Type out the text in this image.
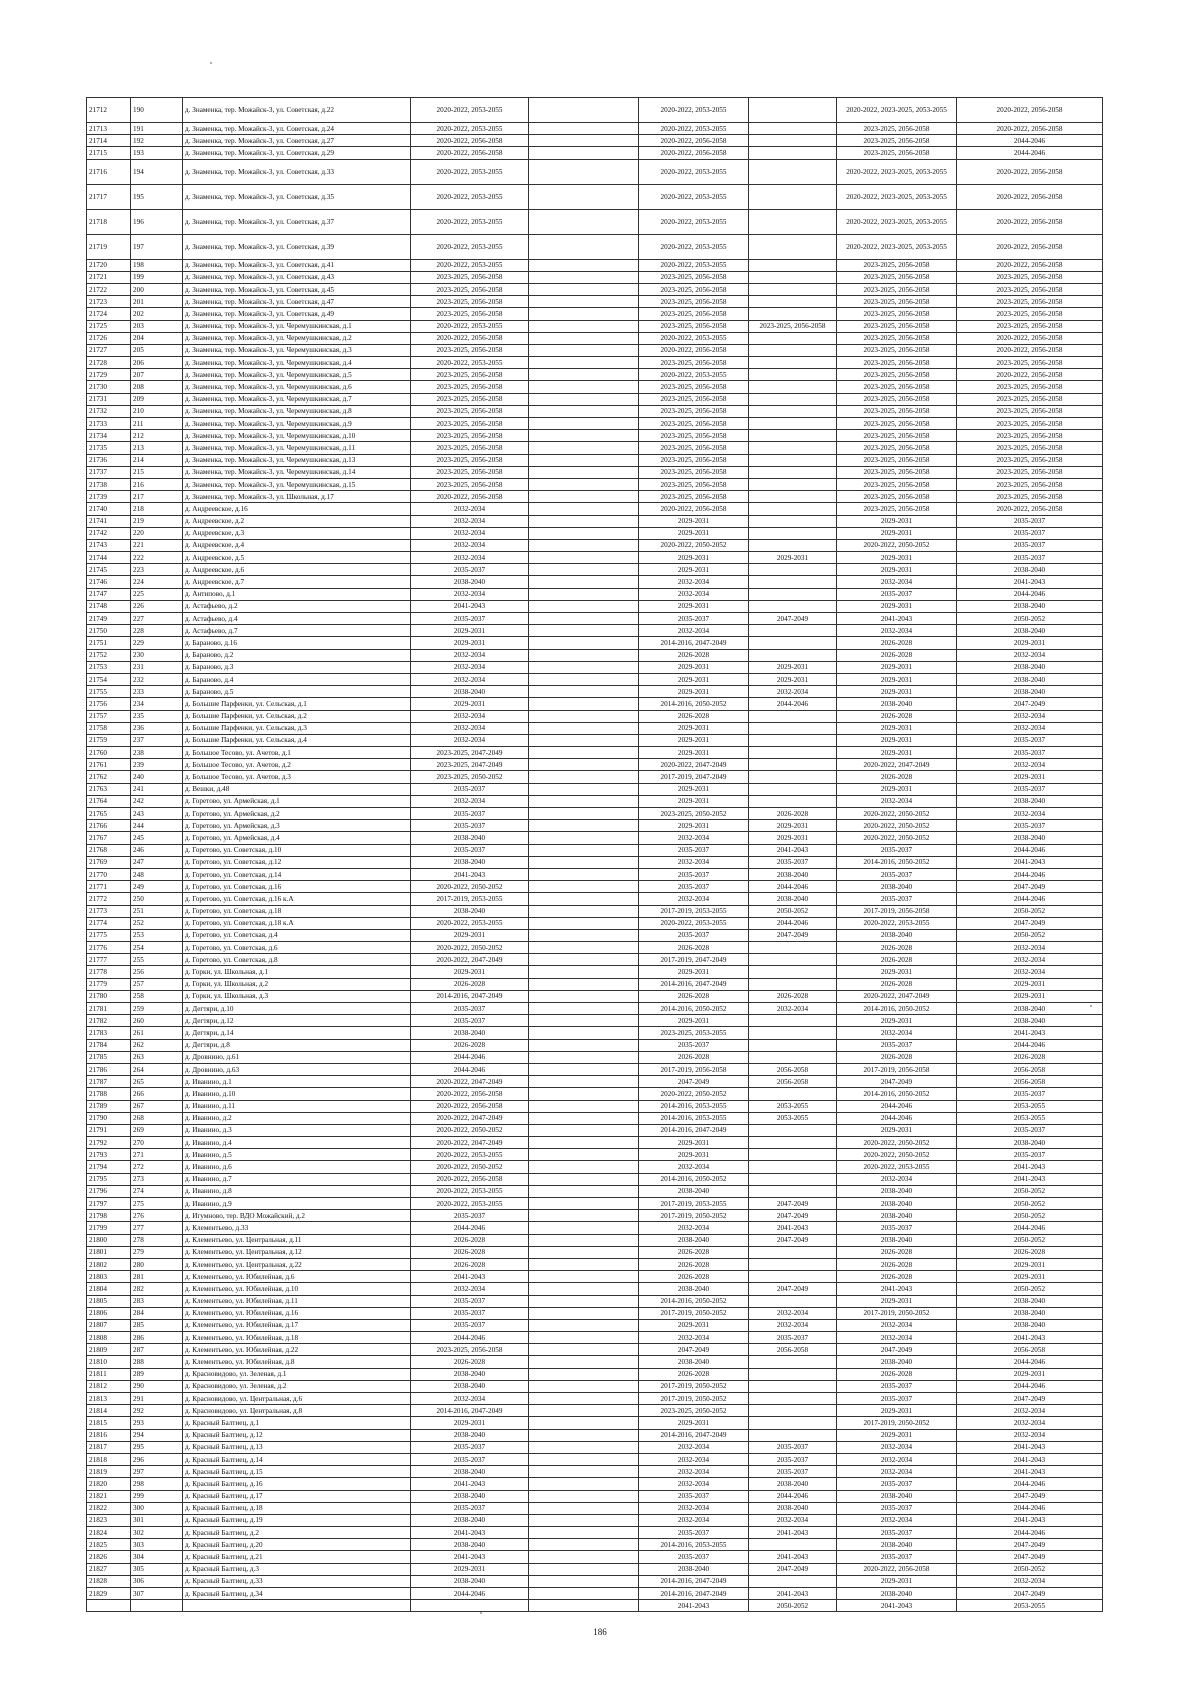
21712	190	д. Знаменка, тер. Можайск-3, ул. Советская, д.22	2020-2022, 2053-2055		2020-2022, 2053-2055		2020-2022, 2023-2025, 2053-2055	2020-2022, 2056-2058
21713	191	д. Знаменка, тер. Можайск-3, ул. Советская, д.24	2020-2022, 2053-2055		2020-2022, 2053-2055		2023-2025, 2056-2058	2020-2022, 2056-2058
21714	192	д. Знаменка, тер. Можайск-3, ул. Советская, д.27	2020-2022, 2056-2058		2020-2022, 2056-2058		2023-2025, 2056-2058	2044-2046
21715	193	д. Знаменка, тер. Можайск-3, ул. Советская, д.29	2020-2022, 2056-2058		2020-2022, 2056-2058		2023-2025, 2056-2058	2044-2046
21716	194	д. Знаменка, тер. Можайск-3, ул. Советская, д.33	2020-2022, 2053-2055		2020-2022, 2053-2055		2020-2022, 2023-2025, 2053-2055	2020-2022, 2056-2058
21717	195	д. Знаменка, тер. Можайск-3, ул. Советская, д.35	2020-2022, 2053-2055		2020-2022, 2053-2055		2020-2022, 2023-2025, 2053-2055	2020-2022, 2056-2058
21718	196	д. Знаменка, тер. Можайск-3, ул. Советская, д.37	2020-2022, 2053-2055		2020-2022, 2053-2055		2020-2022, 2023-2025, 2053-2055	2020-2022, 2056-2058
21719	197	д. Знаменка, тер. Можайск-3, ул. Советская, д.39	2020-2022, 2053-2055		2020-2022, 2053-2055		2020-2022, 2023-2025, 2053-2055	2020-2022, 2056-2058
21720	198	д. Знаменка, тер. Можайск-3, ул. Советская, д.41	2020-2022, 2053-2055		2020-2022, 2053-2055		2023-2025, 2056-2058	2020-2022, 2056-2058
21721	199	д. Знаменка, тер. Можайск-3, ул. Советская, д.43	2023-2025, 2056-2058		2023-2025, 2056-2058		2023-2025, 2056-2058	2023-2025, 2056-2058
21722	200	д. Знаменка, тер. Можайск-3, ул. Советская, д.45	2023-2025, 2056-2058		2023-2025, 2056-2058		2023-2025, 2056-2058	2023-2025, 2056-2058
21723	201	д. Знаменка, тер. Можайск-3, ул. Советская, д.47	2023-2025, 2056-2058		2023-2025, 2056-2058		2023-2025, 2056-2058	2023-2025, 2056-2058
21724	202	д. Знаменка, тер. Можайск-3, ул. Советская, д.49	2023-2025, 2056-2058		2023-2025, 2056-2058		2023-2025, 2056-2058	2023-2025, 2056-2058
21725	203	д. Знаменка, тер. Можайск-3, ул. Черемушкинская, д.1	2020-2022, 2053-2055		2023-2025, 2056-2058	2023-2025, 2056-2058	2023-2025, 2056-2058	2023-2025, 2056-2058
21726	204	д. Знаменка, тер. Можайск-3, ул. Черемушкинская, д.2	2020-2022, 2056-2058		2020-2022, 2053-2055		2023-2025, 2056-2058	2020-2022, 2056-2058
21727	205	д. Знаменка, тер. Можайск-3, ул. Черемушкинская, д.3	2023-2025, 2056-2058		2020-2022, 2056-2058		2023-2025, 2056-2058	2020-2022, 2056-2058
21728	206	д. Знаменка, тер. Можайск-3, ул. Черемушкинская, д.4	2020-2022, 2053-2055		2023-2025, 2056-2058		2023-2025, 2056-2058	2023-2025, 2056-2058
21729	207	д. Знаменка, тер. Можайск-3, ул. Черемушкинская, д.5	2023-2025, 2056-2058		2020-2022, 2053-2055		2023-2025, 2056-2058	2020-2022, 2056-2058
21730	208	д. Знаменка, тер. Можайск-3, ул. Черемушкинская, д.6	2023-2025, 2056-2058		2023-2025, 2056-2058		2023-2025, 2056-2058	2023-2025, 2056-2058
21731	209	д. Знаменка, тер. Можайск-3, ул. Черемушкинская, д.7	2023-2025, 2056-2058		2023-2025, 2056-2058		2023-2025, 2056-2058	2023-2025, 2056-2058
21732	210	д. Знаменка, тер. Можайск-3, ул. Черемушкинская, д.8	2023-2025, 2056-2058		2023-2025, 2056-2058		2023-2025, 2056-2058	2023-2025, 2056-2058
21733	211	д. Знаменка, тер. Можайск-3, ул. Черемушкинская, д.9	2023-2025, 2056-2058		2023-2025, 2056-2058		2023-2025, 2056-2058	2023-2025, 2056-2058
21734	212	д. Знаменка, тер. Можайск-3, ул. Черемушкинская, д.10	2023-2025, 2056-2058		2023-2025, 2056-2058		2023-2025, 2056-2058	2023-2025, 2056-2058
21735	213	д. Знаменка, тер. Можайск-3, ул. Черемушкинская, д.11	2023-2025, 2056-2058		2023-2025, 2056-2058		2023-2025, 2056-2058	2023-2025, 2056-2058
21736	214	д. Знаменка, тер. Можайск-3, ул. Черемушкинская, д.13	2023-2025, 2056-2058		2023-2025, 2056-2058		2023-2025, 2056-2058	2023-2025, 2056-2058
21737	215	д. Знаменка, тер. Можайск-3, ул. Черемушкинская, д.14	2023-2025, 2056-2058		2023-2025, 2056-2058		2023-2025, 2056-2058	2023-2025, 2056-2058
21738	216	д. Знаменка, тер. Можайск-3, ул. Черемушкинская, д.15	2023-2025, 2056-2058		2023-2025, 2056-2058		2023-2025, 2056-2058	2023-2025, 2056-2058
21739	217	д. Знаменка, тер. Можайск-3, ул. Школьная, д.17	2020-2022, 2056-2058		2023-2025, 2056-2058		2023-2025, 2056-2058	2023-2025, 2056-2058
21740	218	д. Андреевское, д.16	2032-2034		2020-2022, 2056-2058		2023-2025, 2056-2058	2020-2022, 2056-2058
21741	219	д. Андреевское, д.2	2032-2034		2029-2031		2029-2031	2035-2037
21742	220	д. Андреевское, д.3	2032-2034		2029-2031		2029-2031	2035-2037
21743	221	д. Андреевское, д.4	2032-2034		2020-2022, 2050-2052		2020-2022, 2050-2052	2035-2037
21744	222	д. Андреевское, д.5	2032-2034		2029-2031	2029-2031	2029-2031	2035-2037
21745	223	д. Андреевское, д.6	2035-2037		2029-2031		2029-2031	2038-2040
21746	224	д. Андреевское, д.7	2038-2040		2032-2034		2032-2034	2041-2043
21747	225	д. Антипово, д.1	2032-2034		2032-2034		2035-2037	2044-2046
21748	226	д. Астафьево, д.2	2041-2043		2029-2031		2029-2031	2038-2040
21749	227	д. Астафьево, д.4	2035-2037		2035-2037	2047-2049	2041-2043	2050-2052
21750	228	д. Астафьево, д.7	2029-2031		2032-2034		2032-2034	2038-2040
21751	229	д. Бараново, д.16	2029-2031		2014-2016, 2047-2049		2026-2028	2029-2031
21752	230	д. Бараново, д.2	2032-2034		2026-2028		2026-2028	2032-2034
21753	231	д. Бараново, д.3	2032-2034		2029-2031	2029-2031	2029-2031	2038-2040
21754	232	д. Бараново, д.4	2032-2034		2029-2031	2029-2031	2029-2031	2038-2040
21755	233	д. Бараново, д.5	2038-2040		2029-2031	2032-2034	2029-2031	2038-2040
21756	234	д. Большие Парфенки, ул. Сельская, д.1	2029-2031		2014-2016, 2050-2052	2044-2046	2038-2040	2047-2049
21757	235	д. Большие Парфенки, ул. Сельская, д.2	2032-2034		2026-2028		2026-2028	2032-2034
21758	236	д. Большие Парфенки, ул. Сельская, д.3	2032-2034		2029-2031		2029-2031	2032-2034
21759	237	д. Большие Парфенки, ул. Сельская, д.4	2032-2034		2029-2031		2029-2031	2035-2037
21760	238	д. Большое Тесово, ул. Ачетов, д.1	2023-2025, 2047-2049		2029-2031		2029-2031	2035-2037
21761	239	д. Большое Тесово, ул. Ачетов, д.2	2023-2025, 2047-2049		2020-2022, 2047-2049		2020-2022, 2047-2049	2032-2034
21762	240	д. Большое Тесово, ул. Ачетов, д.3	2023-2025, 2050-2052		2017-2019, 2047-2049		2026-2028	2029-2031
21763	241	д. Вешки, д.48	2035-2037		2029-2031		2029-2031	2035-2037
21764	242	д. Горетово, ул. Армейская, д.1	2032-2034		2029-2031		2032-2034	2038-2040
21765	243	д. Горетово, ул. Армейская, д.2	2035-2037		2023-2025, 2050-2052	2026-2028	2020-2022, 2050-2052	2032-2034
21766	244	д. Горетово, ул. Армейская, д.3	2035-2037		2029-2031	2029-2031	2020-2022, 2050-2052	2035-2037
21767	245	д. Горетово, ул. Армейская, д.4	2038-2040		2032-2034	2029-2031	2020-2022, 2050-2052	2038-2040
21768	246	д. Горетово, ул. Советская, д.10	2035-2037		2035-2037	2041-2043	2035-2037	2044-2046
21769	247	д. Горетово, ул. Советская, д.12	2038-2040		2032-2034	2035-2037	2014-2016, 2050-2052	2041-2043
21770	248	д. Горетово, ул. Советская, д.14	2041-2043		2035-2037	2038-2040	2035-2037	2044-2046
21771	249	д. Горетово, ул. Советская, д.16	2020-2022, 2050-2052		2035-2037	2044-2046	2038-2040	2047-2049
21772	250	д. Горетово, ул. Советская, д.16 к.А	2017-2019, 2053-2055		2032-2034	2038-2040	2035-2037	2044-2046
21773	251	д. Горетово, ул. Советская, д.18	2038-2040		2017-2019, 2053-2055	2050-2052	2017-2019, 2056-2058	2050-2052
21774	252	д. Горетово, ул. Советская, д.18 к.А	2020-2022, 2053-2055		2020-2022, 2053-2055	2044-2046	2020-2022, 2053-2055	2047-2049
21775	253	д. Горетово, ул. Советская, д.4	2029-2031		2035-2037	2047-2049	2038-2040	2050-2052
21776	254	д. Горетово, ул. Советская, д.6	2020-2022, 2050-2052		2026-2028		2026-2028	2032-2034
21777	255	д. Горетово, ул. Советская, д.8	2020-2022, 2047-2049		2017-2019, 2047-2049		2026-2028	2032-2034
21778	256	д. Горки, ул. Школьная, д.1	2029-2031		2029-2031		2029-2031	2032-2034
21779	257	д. Горки, ул. Школьная, д.2	2026-2028		2014-2016, 2047-2049		2026-2028	2029-2031
21780	258	д. Горки, ул. Школьная, д.3	2014-2016, 2047-2049		2026-2028	2026-2028	2020-2022, 2047-2049	2029-2031
21781	259	д. Дегтяри, д.10	2035-2037		2014-2016, 2050-2052	2032-2034	2014-2016, 2050-2052	2038-2040
21782	260	д. Дегтяри, д.12	2035-2037		2029-2031		2029-2031	2038-2040
21783	261	д. Дегтяри, д.14	2038-2040		2023-2025, 2053-2055		2032-2034	2041-2043
21784	262	д. Дегтяри, д.8	2026-2028		2035-2037		2035-2037	2044-2046
21785	263	д. Дровнино, д.61	2044-2046		2026-2028		2026-2028	2026-2028
21786	264	д. Дровнино, д.63	2044-2046		2017-2019, 2056-2058	2056-2058	2017-2019, 2056-2058	2056-2058
21787	265	д. Иванино, д.1	2020-2022, 2047-2049		2047-2049	2056-2058	2047-2049	2056-2058
21788	266	д. Иванино, д.10	2020-2022, 2056-2058		2020-2022, 2050-2052		2014-2016, 2050-2052	2035-2037
21789	267	д. Иванино, д.11	2020-2022, 2056-2058		2014-2016, 2053-2055	2053-2055	2044-2046	2053-2055
21790	268	д. Иванино, д.2	2020-2022, 2047-2049		2014-2016, 2053-2055	2053-2055	2044-2046	2053-2055
21791	269	д. Иванино, д.3	2020-2022, 2050-2052		2014-2016, 2047-2049		2029-2031	2035-2037
21792	270	д. Иванино, д.4	2020-2022, 2047-2049		2029-2031		2020-2022, 2050-2052	2038-2040
21793	271	д. Иванино, д.5	2020-2022, 2053-2055		2029-2031		2020-2022, 2050-2052	2035-2037
21794	272	д. Иванино, д.6	2020-2022, 2050-2052		2032-2034		2020-2022, 2053-2055	2041-2043
21795	273	д. Иванино, д.7	2020-2022, 2056-2058		2014-2016, 2050-2052		2032-2034	2041-2043
21796	274	д. Иванино, д.8	2020-2022, 2053-2055		2038-2040		2038-2040	2050-2052
21797	275	д. Иванино, д.9	2020-2022, 2053-2055		2017-2019, 2053-2055	2047-2049	2038-2040	2050-2052
21798	276	д. Игумново, тер. ВДО Можайский, д.2	2035-2037		2017-2019, 2050-2052	2047-2049	2038-2040	2050-2052
21799	277	д. Клементьево, д.33	2044-2046		2032-2034	2041-2043	2035-2037	2044-2046
21800	278	д. Клементьево, ул. Центральная, д.11	2026-2028		2038-2040	2047-2049	2038-2040	2050-2052
21801	279	д. Клементьево, ул. Центральная, д.12	2026-2028		2026-2028		2026-2028	2026-2028
21802	280	д. Клементьево, ул. Центральная, д.22	2026-2028		2026-2028		2026-2028	2029-2031
21803	281	д. Клементьево, ул. Юбилейная, д.6	2041-2043		2026-2028		2026-2028	2029-2031
21804	282	д. Клементьево, ул. Юбилейная, д.10	2032-2034		2038-2040	2047-2049	2041-2043	2050-2052
21805	283	д. Клементьево, ул. Юбилейная, д.11	2035-2037		2014-2016, 2050-2052		2029-2031	2038-2040
21806	284	д. Клементьево, ул. Юбилейная, д.16	2035-2037		2017-2019, 2050-2052	2032-2034	2017-2019, 2050-2052	2038-2040
21807	285	д. Клементьево, ул. Юбилейная, д.17	2035-2037		2029-2031	2032-2034	2032-2034	2038-2040
21808	286	д. Клементьево, ул. Юбилейная, д.18	2044-2046		2032-2034	2035-2037	2032-2034	2041-2043
21809	287	д. Клементьево, ул. Юбилейная, д.22	2023-2025, 2056-2058		2047-2049	2056-2058	2047-2049	2056-2058
21810	288	д. Клементьево, ул. Юбилейная, д.8	2026-2028		2038-2040		2038-2040	2044-2046
21811	289	д. Красновидово, ул. Зеленая, д.1	2038-2040		2026-2028		2026-2028	2029-2031
21812	290	д. Красновидово, ул. Зеленая, д.2	2038-2040		2017-2019, 2050-2052		2035-2037	2044-2046
21813	291	д. Красновидово, ул. Центральная, д.6	2032-2034		2017-2019, 2050-2052		2035-2037	2047-2049
21814	292	д. Красновидово, ул. Центральная, д.8	2014-2016, 2047-2049		2023-2025, 2050-2052		2029-2031	2032-2034
21815	293	д. Красный Балтиец, д.1	2029-2031		2029-2031		2017-2019, 2050-2052	2032-2034
21816	294	д. Красный Балтиец, д.12	2038-2040		2014-2016, 2047-2049		2029-2031	2032-2034
21817	295	д. Красный Балтиец, д.13	2035-2037		2032-2034	2035-2037	2032-2034	2041-2043
21818	296	д. Красный Балтиец, д.14	2035-2037		2032-2034	2035-2037	2032-2034	2041-2043
21819	297	д. Красный Балтиец, д.15	2038-2040		2032-2034	2035-2037	2032-2034	2041-2043
21820	298	д. Красный Балтиец, д.16	2041-2043		2032-2034	2038-2040	2035-2037	2044-2046
21821	299	д. Красный Балтиец, д.17	2038-2040		2035-2037	2044-2046	2038-2040	2047-2049
21822	300	д. Красный Балтиец, д.18	2035-2037		2032-2034	2038-2040	2035-2037	2044-2046
21823	301	д. Красный Балтиец, д.19	2038-2040		2032-2034	2032-2034	2032-2034	2041-2043
21824	302	д. Красный Балтиец, д.2	2041-2043		2035-2037	2041-2043	2035-2037	2044-2046
21825	303	д. Красный Балтиец, д.20	2038-2040		2014-2016, 2053-2055		2038-2040	2047-2049
21826	304	д. Красный Балтиец, д.21	2041-2043		2035-2037	2041-2043	2035-2037	2047-2049
21827	305	д. Красный Балтиец, д.3	2029-2031		2038-2040	2047-2049	2020-2022, 2056-2058	2050-2052
21828	306	д. Красный Балтиец, д.33	2038-2040		2014-2016, 2047-2049		2029-2031	2032-2034
21829	307	д. Красный Балтиец, д.34	2044-2046		2014-2016, 2047-2049	2041-2043	2038-2040	2047-2049
					2041-2043	2050-2052	2041-2043	2053-2055
186
